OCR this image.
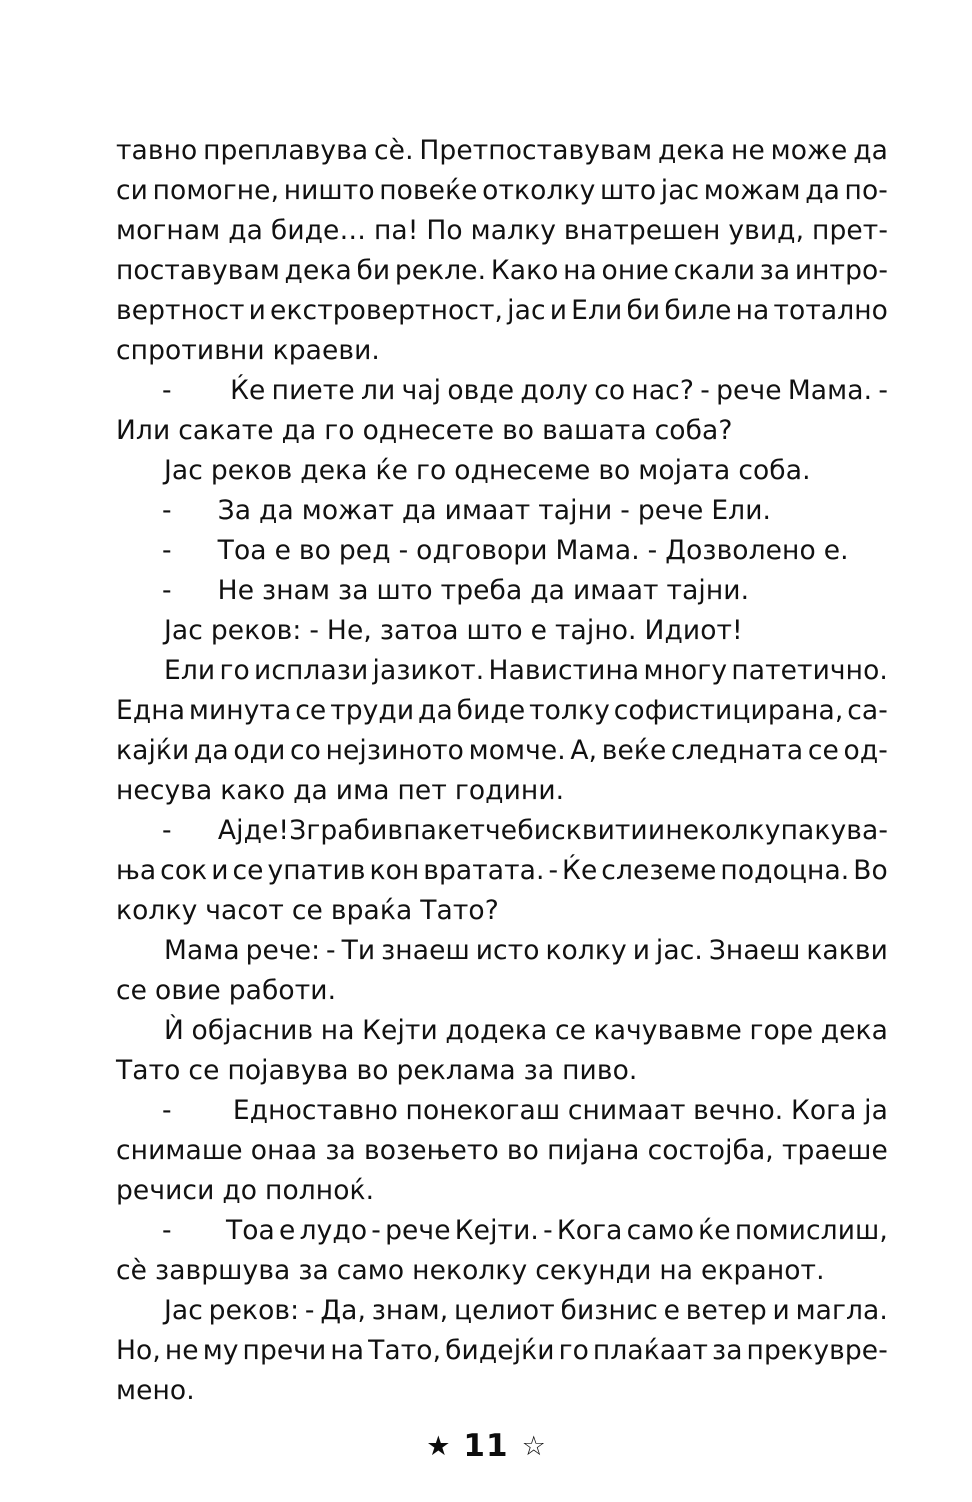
тавно преплавува сѐ. Претпоставувам дека не може да
си помогне, ништо повеќе отколку што јас можам да по-
могнам да биде… па! По малку внатрешен увид, прет-
поставувам дека би рекле. Како на оние скали за интро-
вертност и екстровертност, јас и Ели би биле на тотално
спротивни краеви.
- Ќе пиете ли чај овде долу со нас? - рече Мама. -
Или сакате да го однесете во вашата соба?
Јас реков дека ќе го однесеме во мојата соба.
- За да можат да имаат тајни - рече Ели.
- Тоа е во ред - одговори Мама. - Дозволено е.
- Не знам за што треба да имаат тајни.
Јас реков: - Не, затоа што е тајно. Идиот!
Ели го исплази јазикот. Навистина многу патетично.
Една минута се труди да биде толку софистицирана, са-
кајќи да оди со нејзиното момче. А, веќе следната се од-
несува како да има пет години.
- Ајде! Зграбив пакетче бисквити и неколку пакува-
ња сок и се упатив кон вратата. - Ќе слеземе подоцна. Во
колку часот се враќа Тато?
Мама рече: - Ти знаеш исто колку и јас. Знаеш какви
се овие работи.
Ѝ објаснив на Кејти додека се качувавме горе дека
Тато се појавува во реклама за пиво.
- Едноставно понекогаш снимаат вечно. Кога ја
снимаше онаа за возењето во пијана состојба, траеше
речиси до полноќ.
- Тоа е лудо - рече Кејти. - Кога само ќе помислиш,
сѐ завршува за само неколку секунди на екранот.
Јас реков: - Да, знам, целиот бизнис е ветер и магла.
Но, не му пречи на Тато, бидејќи го плаќаат за прекувре-
мено.
★ 11 ☆
